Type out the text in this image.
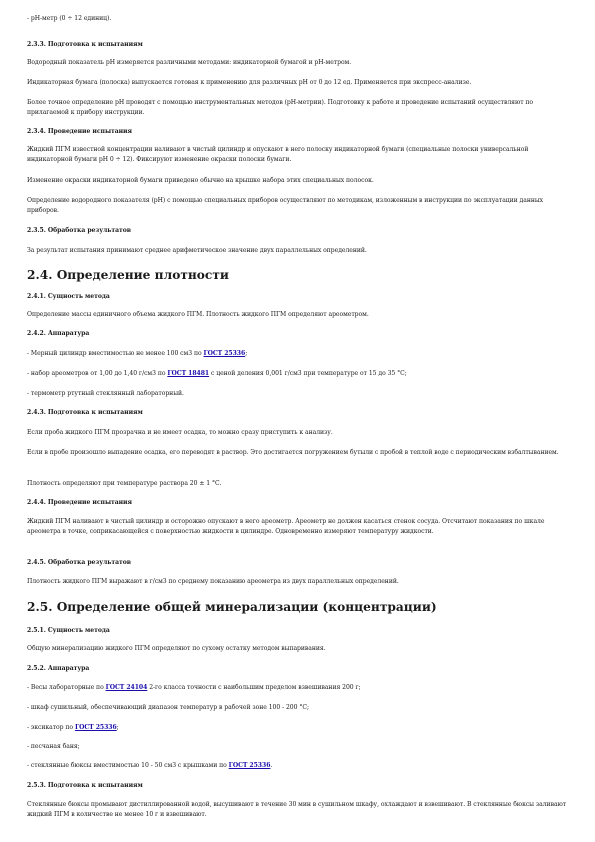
- pH-метр (0 ÷ 12 единиц).

2.3.3. Подготовка к испытаниям

Водородный показатель pH измеряется различными методами: индикаторной бумагой и pH-метром.

Индикаторная бумага (полоска) выпускается готовая к применению для различных pH от 0 до 12 ед. Применяется при экспресс-анализе.

Более точное определение pH проводят с помощью инструментальных методов (pH-метрии). Подготовку к работе и проведение испытаний осуществляют по прилагаемой к прибору инструкции.

2.3.4. Проведение испытания

Жидкий ПГМ известной концентрации наливают в чистый цилиндр и опускают в него полоску индикаторной бумаги (специальные полоски универсальной индикаторной бумаги pH 0 ÷ 12). Фиксируют изменение окраски полоски бумаги.

Изменение окраски индикаторной бумаги приведено обычно на крышке набора этих специальных полосок.

Определение водородного показателя (pH) с помощью специальных приборов осуществляют по методикам, изложенным в инструкции по эксплуатации данных приборов.

2.3.5. Обработка результатов

За результат испытания принимают среднее арифметическое значение двух параллельных определений.

2.4. Определение плотности

2.4.1. Сущность метода

Определение массы единичного объема жидкого ПГМ. Плотность жидкого ПГМ определяют ареометром.

2.4.2. Аппаратура

- Мерный цилиндр вместимостью не менее 100 см3 по ГОСТ 25336;

- набор ареометров от 1,00 до 1,40 г/см3 по ГОСТ 18481 с ценой деления 0,001 г/см3 при температуре от 15 до 35 °С;

- термометр ртутный стеклянный лабораторный.

2.4.3. Подготовка к испытаниям

Если проба жидкого ПГМ прозрачна и не имеет осадка, то можно сразу приступить к анализу.

Если в пробе произошло выпадение осадка, его переводят в раствор. Это достигается погружением бутыли с пробой в теплой воде с периодическим взбалтыванием.

Плотность определяют при температуре раствора 20 ± 1 °С.

2.4.4. Проведение испытания

Жидкий ПГМ наливают в чистый цилиндр и осторожно опускают в него ареометр. Ареометр не должен касаться стенок сосуда. Отсчитают показания по шкале ареометра в точке, соприкасающейся с поверхностью жидкости в цилиндре. Одновременно измеряют температуру жидкости.

2.4.5. Обработка результатов

Плотность жидкого ПГМ выражают в г/см3 по среднему показанию ареометра из двух параллельных определений.

2.5. Определение общей минерализации (концентрации)

2.5.1. Сущность метода

Общую минерализацию жидкого ПГМ определяют по сухому остатку методом выпаривания.

2.5.2. Аппаратура

- Весы лабораторные по ГОСТ 24104 2-го класса точности с наибольшим пределом взвешивания 200 г;

- шкаф сушильный, обеспечивающий диапазон температур в рабочей зоне 100 - 200 °С;

- эксикатор по ГОСТ 25336;

- песчаная баня;

- стеклянные бюксы вместимостью 10 - 50 см3 с крышками по ГОСТ 25336.

2.5.3. Подготовка к испытаниям

Стеклянные бюксы промывают дистиллированной водой, высушивают в течение 30 мин в сушильном шкафу, охлаждают и взвешивают. В стеклянные бюксы заливают жидкий ПГМ в количестве не менее 10 г и взвешивают.
